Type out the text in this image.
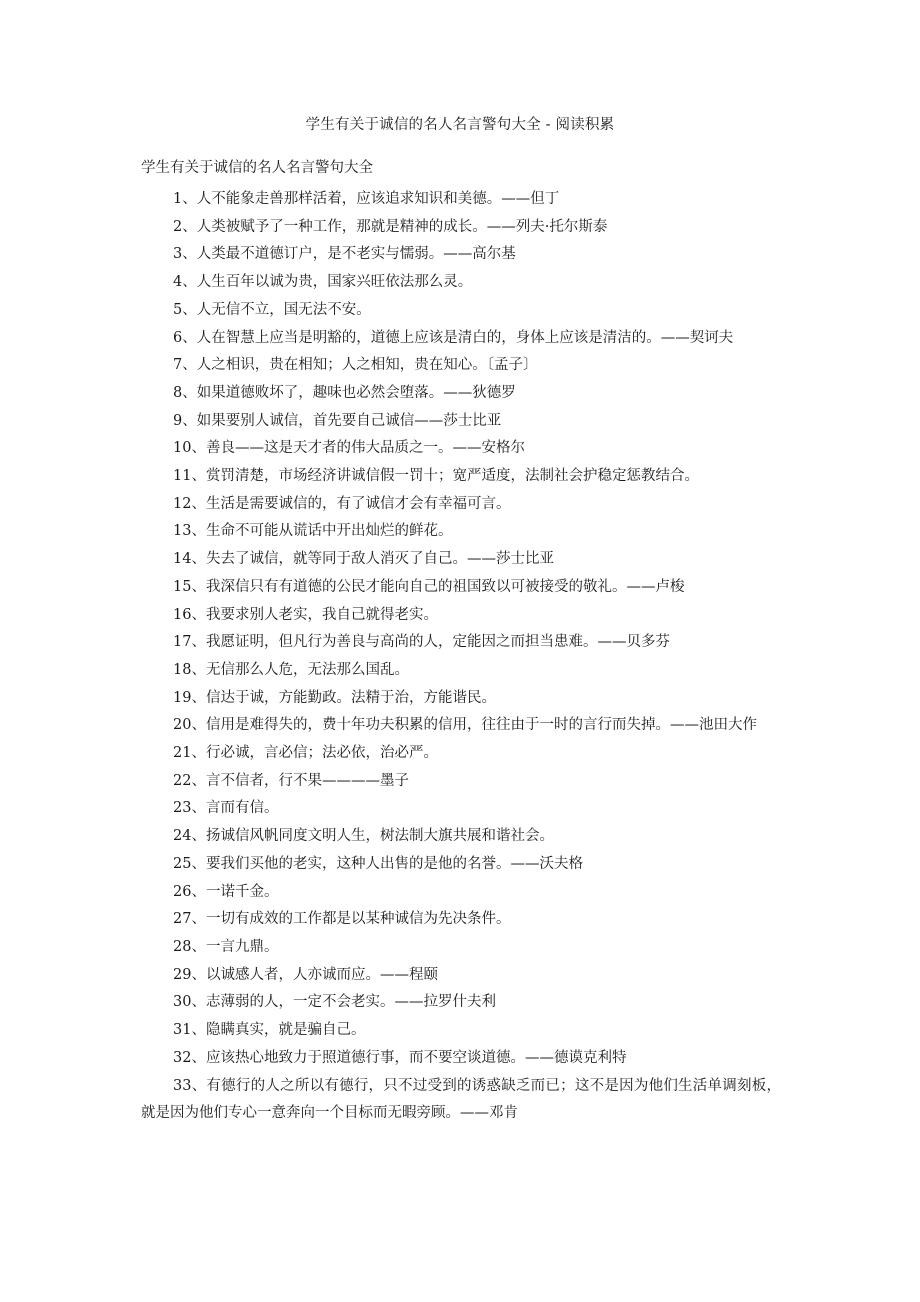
学生有关于诚信的名人名言警句大全 - 阅读积累
学生有关于诚信的名人名言警句大全
1、人不能象走兽那样活着，应该追求知识和美德。——但丁
2、人类被赋予了一种工作，那就是精神的成长。——列夫·托尔斯泰
3、人类最不道德订户，是不老实与懦弱。——高尔基
4、人生百年以诚为贵，国家兴旺依法那么灵。
5、人无信不立，国无法不安。
6、人在智慧上应当是明豁的，道德上应该是清白的，身体上应该是清洁的。——契诃夫
7、人之相识，贵在相知；人之相知，贵在知心。〔孟子〕
8、如果道德败坏了，趣味也必然会堕落。——狄德罗
9、如果要别人诚信，首先要自己诚信——莎士比亚
10、善良——这是天才者的伟大品质之一。——安格尔
11、赏罚清楚，市场经济讲诚信假一罚十；宽严适度，法制社会护稳定惩教结合。
12、生活是需要诚信的，有了诚信才会有幸福可言。
13、生命不可能从谎话中开出灿烂的鲜花。
14、失去了诚信，就等同于敌人消灭了自己。——莎士比亚
15、我深信只有有道德的公民才能向自己的祖国致以可被接受的敬礼。——卢梭
16、我要求别人老实，我自己就得老实。
17、我愿证明，但凡行为善良与高尚的人，定能因之而担当患难。——贝多芬
18、无信那么人危，无法那么国乱。
19、信达于诚，方能勤政。法精于治，方能谐民。
20、信用是难得失的，费十年功夫积累的信用，往往由于一时的言行而失掉。——池田大作
21、行必诚，言必信；法必依，治必严。
22、言不信者，行不果————墨子
23、言而有信。
24、扬诚信风帆同度文明人生，树法制大旗共展和谐社会。
25、要我们买他的老实，这种人出售的是他的名誉。——沃夫格
26、一诺千金。
27、一切有成效的工作都是以某种诚信为先决条件。
28、一言九鼎。
29、以诚感人者，人亦诚而应。——程颐
30、志薄弱的人，一定不会老实。——拉罗什夫利
31、隐瞒真实，就是骗自己。
32、应该热心地致力于照道德行事，而不要空谈道德。——德谟克利特
33、有德行的人之所以有德行，只不过受到的诱惑缺乏而已；这不是因为他们生活单调刻板，就是因为他们专心一意奔向一个目标而无暇旁顾。——邓肯
